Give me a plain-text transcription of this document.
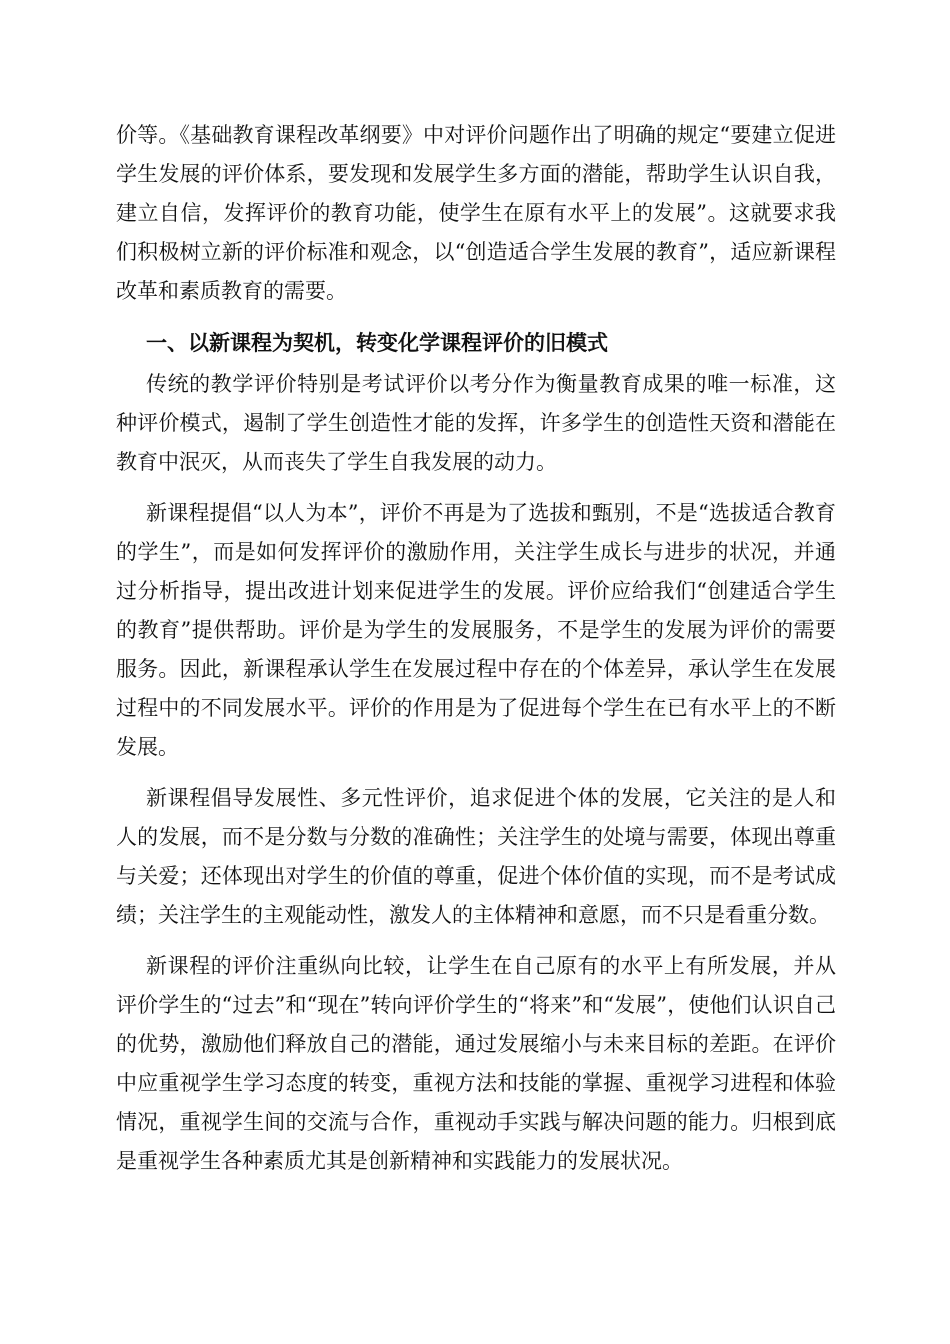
价等。《基础教育课程改革纲要》中对评价问题作出了明确的规定“要建立促进学生发展的评价体系，要发现和发展学生多方面的潜能，帮助学生认识自我，建立自信，发挥评价的教育功能，使学生在原有水平上的发展”。这就要求我们积极树立新的评价标准和观念，以“创造适合学生发展的教育”，适应新课程改革和素质教育的需要。

一、以新课程为契机，转变化学课程评价的旧模式

传统的教学评价特别是考试评价以考分作为衡量教育成果的唯一标准，这种评价模式，遏制了学生创造性才能的发挥，许多学生的创造性天资和潜能在教育中泯灭，从而丧失了学生自我发展的动力。

新课程提倡“以人为本”，评价不再是为了选拔和甄别，不是“选拔适合教育的学生”，而是如何发挥评价的激励作用，关注学生成长与进步的状况，并通过分析指导，提出改进计划来促进学生的发展。评价应给我们“创建适合学生的教育”提供帮助。评价是为学生的发展服务，不是学生的发展为评价的需要服务。因此，新课程承认学生在发展过程中存在的个体差异，承认学生在发展过程中的不同发展水平。评价的作用是为了促进每个学生在已有水平上的不断发展。

新课程倡导发展性、多元性评价，追求促进个体的发展，它关注的是人和人的发展，而不是分数与分数的准确性；关注学生的处境与需要，体现出尊重与关爱；还体现出对学生的价值的尊重，促进个体价值的实现，而不是考试成绩；关注学生的主观能动性，激发人的主体精神和意愿，而不只是看重分数。

新课程的评价注重纵向比较，让学生在自己原有的水平上有所发展，并从评价学生的“过去”和“现在”转向评价学生的“将来”和“发展”，使他们认识自己的优势，激励他们释放自己的潜能，通过发展缩小与未来目标的差距。在评价中应重视学生学习态度的转变，重视方法和技能的掌握、重视学习进程和体验情况，重视学生间的交流与合作，重视动手实践与解决问题的能力。归根到底是重视学生各种素质尤其是创新精神和实践能力的发展状况。
